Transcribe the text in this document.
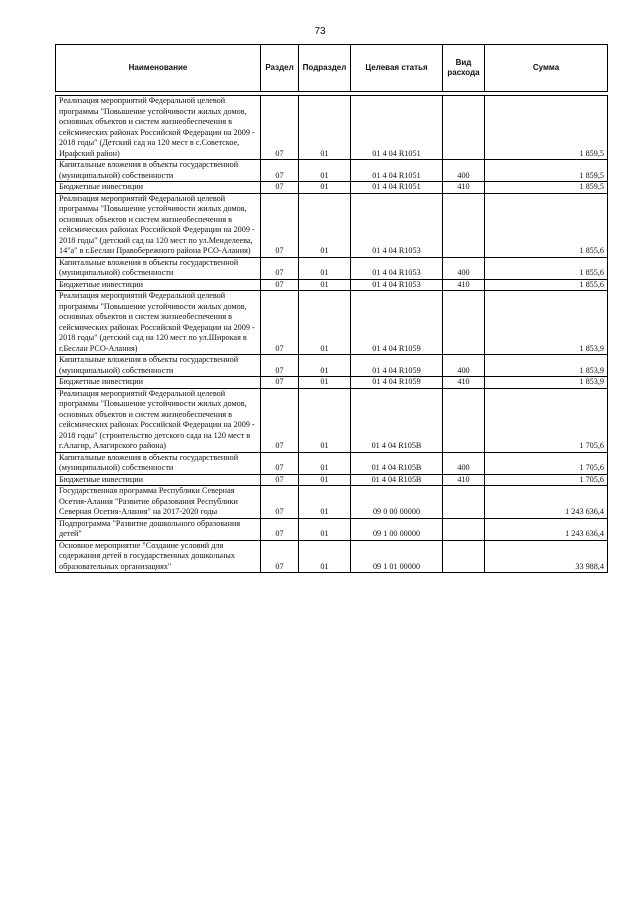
73
Наименование	Раздел	Подраздел	Целевая статья	Вид расхода	Сумма

Реализация мероприятий Федеральной целевой программы "Повышение устойчивости жилых домов, основных объектов и систем жизнеобеспечения в сейсмических районах Российской Федерации на 2009 - 2018 годы" (Детский сад на 120 мест в с.Советское, Ирафский район)	07	01	01 4 04 R1051		1 859,5
Капитальные вложения в объекты государственной (муниципальной) собственности	07	01	01 4 04 R1051	400	1 859,5
Бюджетные инвестиции	07	01	01 4 04 R1051	410	1 859,5
Реализация мероприятий Федеральной целевой программы "Повышение устойчивости жилых домов, основных объектов и систем жизнеобеспечения в сейсмических районах Российской Федерации на 2009 - 2018 годы" (детский сад на 120 мест по ул.Менделеева, 14"а" в г.Беслан Правобережного района РСО-Алания)	07	01	01 4 04 R1053		1 855,6
Капитальные вложения в объекты государственной (муниципальной) собственности	07	01	01 4 04 R1053	400	1 855,6
Бюджетные инвестиции	07	01	01 4 04 R1053	410	1 855,6
Реализация мероприятий Федеральной целевой программы "Повышение устойчивости жилых домов, основных объектов и систем жизнеобеспечения в сейсмических районах Российской Федерации на 2009 - 2018 годы" (детский сад на 120 мест по ул.Широкая в г.Беслан РСО-Алания)	07	01	01 4 04 R1059		1 853,9
Капитальные вложения в объекты государственной (муниципальной) собственности	07	01	01 4 04 R1059	400	1 853,9
Бюджетные инвестиции	07	01	01 4 04 R1059	410	1 853,9
Реализация мероприятий Федеральной целевой программы "Повышение устойчивости жилых домов, основных объектов и систем жизнеобеспечения в сейсмических районах Российской Федерации на 2009 - 2018 годы" (строительство детского сада на 120 мест в г.Алагир, Алагирского района)	07	01	01 4 04 R105B		1 705,6
Капитальные вложения в объекты государственной (муниципальной) собственности	07	01	01 4 04 R105B	400	1 705,6
Бюджетные инвестиции	07	01	01 4 04 R105B	410	1 705,6
Государственная программа Республики Северная Осетия-Алания "Развитие образования Республики Северная Осетия-Алания" на 2017-2020 годы	07	01	09 0 00 00000		1 243 636,4
Подпрограмма "Развитие дошкольного образования детей"	07	01	09 1 00 00000		1 243 636,4
Основное мероприятие "Создание условий для содержания детей в государственных дошкольных образовательных организациях"	07	01	09 1 01 00000		33 988,4
